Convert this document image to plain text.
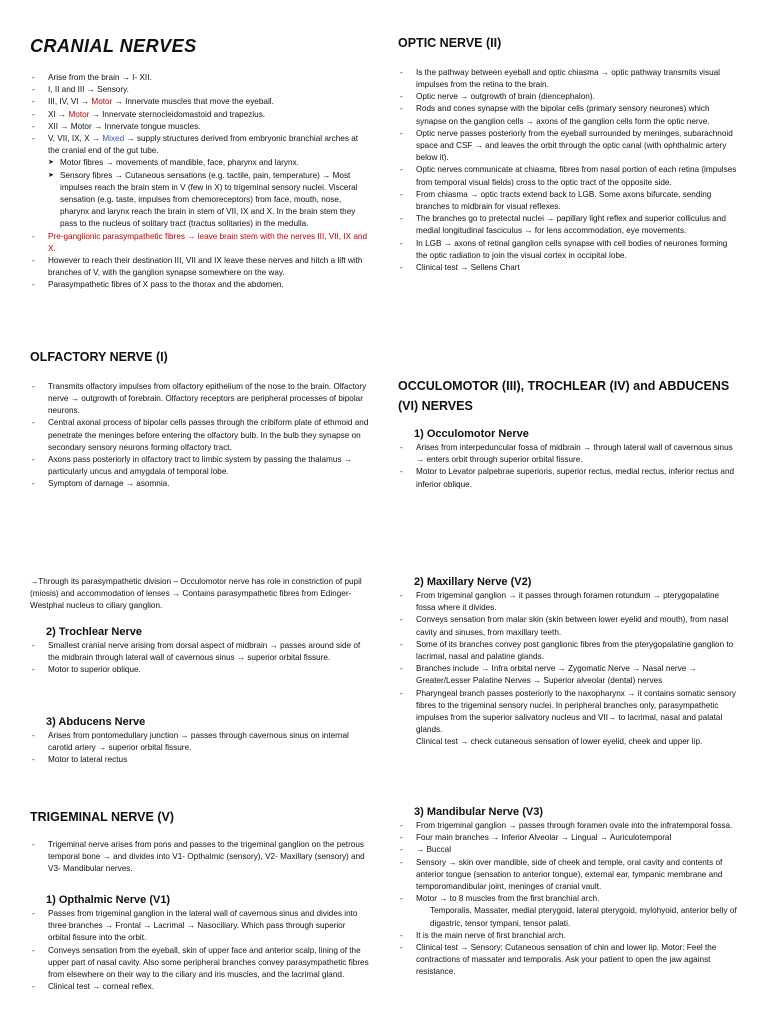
CRANIAL NERVES
- Arise from the brain → I- XII.
- I, II and III → Sensory.
- III, IV, VI → Motor → Innervate muscles that move the eyeball.
- XI → Motor → Innervate sternocleidomastoid and trapezius.
- XII → Motor → Innervate tongue muscles.
- V, VII, IX, X → Mixed → supply structures derived from embryonic branchial arches at the cranial end of the gut tube.
➤ Motor fibres → movements of mandible, face, pharynx and larynx.
➤ Sensory fibres → Cutaneous sensations (e.g. tactile, pain, temperature) → Most impulses reach the brain stem in V (few in X) to trigeminal sensory nuclei. Visceral sensation (e.g. taste, impulses from chemoreceptors) from face, mouth, nose, pharynx and larynx reach the brain in stem of VII, IX and X. In the brain stem they pass to the nucleus of solitary tract (tractus solitaries) in the medulla.
- Pre-ganglionic parasympathetic fibres → leave brain stem with the nerves III, VII, IX and X.
- However to reach their destination III, VII and IX leave these nerves and hitch a lift with branches of V, with the ganglion synapse somewhere on the way.
- Parasympathetic fibres of X pass to the thorax and the abdomen.
OLFACTORY NERVE (I)
- Transmits olfactory impulses from olfactory epithelium of the nose to the brain. Olfactory nerve → outgrowth of forebrain. Olfactory receptors are peripheral processes of bipolar neurons.
- Central axonal process of bipolar cells passes through the cribiform plate of ethmoid and penetrate the meninges before entering the olfactory bulb. In the bulb they synapse on secondary sensory neurons forming olfactory tract.
- Axons pass posteriorly in olfactory tract to limbic system by passing the thalamus → particularly uncus and amygdala of temporal lobe.
- Symptom of damage → asomnia.

→Through its parasympathetic division – Occulomotor nerve has role in constriction of pupil (miosis) and accommodation of lenses → Contains parasympathetic fibres from Edinger-Westphal nucleus to ciliary ganglion.

2) Trochlear Nerve
- Smallest cranial nerve arising from dorsal aspect of midbrain → passes around side of the midbrain through lateral wall of cavernous sinus → superior orbital fissure.
- Motor to superior oblique.
3) Abducens Nerve
- Arises from pontomedullary junction → passes through cavernous sinus on internal carotid artery → superior orbital fissure.
- Motor to lateral rectus
TRIGEMINAL NERVE (V)
- Trigeminal nerve arises from pons and passes to the trigeminal ganglion on the petrous temporal bone → and divides into V1- Opthalmic (sensory), V2- Maxillary (sensory) and V3- Mandibular nerves.
1) Opthalmic Nerve (V1)
- Passes from trigeminal ganglion in the lateral wall of cavernous sinus and divides into three branches → Frontal → Lacrimal → Nasociliary. Which pass through superior orbital fissure into the orbit.
- Conveys sensation from the eyeball, skin of upper face and anterior scalp, lining of the upper part of nasal cavity. Also some peripheral branches convey parasympathetic fibres from elsewhere on their way to the ciliary and iris muscles, and the lacrimal gland.
- Clinical test → corneal reflex.
OPTIC NERVE (II)
- Is the pathway between eyeball and optic chiasma → optic pathway transmits visual impulses from the retina to the brain.
- Optic nerve → outgrowth of brain (diencephalon).
- Rods and cones synapse with the bipolar cells (primary sensory neurones) which synapse on the ganglion cells → axons of the ganglion cells form the optic nerve.
- Optic nerve passes posteriorly from the eyeball surrounded by meninges, subarachnoid space and CSF → and leaves the orbit through the optic canal (with ophthalmic artery below it).
- Optic nerves communicate at chiasma, fibres from nasal portion of each retina (impulses from temporal visual fields) cross to the optic tract of the opposite side.
- From chiasma → optic tracts extend back to LGB. Some axons bifurcate, sending branches to midbrain for visual reflexes.
- The branches go to pretectal nuclei → papillary light reflex and superior colliculus and medial longitudinal fasciculus → for lens accommodation, eye movements.
- In LGB → axons of retinal ganglion cells synapse with cell bodies of neurones forming the optic radiation to join the visual cortex in occipital lobe.
- Clinical test → Sellens Chart
OCCULOMOTOR (III), TROCHLEAR (IV) and ABDUCENS (VI) NERVES
1) Occulomotor Nerve
- Arises from interpeduncular fossa of midbrain → through lateral wall of cavernous sinus → enters orbit through superior orbital fissure.
- Motor to Levator palpebrae superioris, superior rectus, medial rectus, inferior rectus and inferior oblique.
2) Maxillary Nerve (V2)
- From trigeminal ganglion → it passes through foramen rotundum → pterygopalatine fossa where it divides.
- Conveys sensation from malar skin (skin between lower eyelid and mouth), from nasal cavity and sinuses, from maxillary teeth.
- Some of its branches convey post ganglionic fibres from the pterygopalatine ganglion to lacrimal, nasal and palatine glands.
- Branches include → Infra orbital nerve → Zygomatic Nerve → Nasal nerve → Greater/Lesser Palatine Nerves → Superior alveolar (dental) nerves
- Pharyngeal branch passes posteriorly to the naxopharynx → it contains somatic sensory fibres to the trigeminal sensory nuclei. In peripheral branches only, parasympathetic impulses from the superior salivatory nucleus and VII→ to lacrimal, nasal and palatal glands.

Clinical test → check cutaneous sensation of lower eyelid, cheek and upper lip.

3) Mandibular Nerve (V3)
- From trigeminal ganglion → passes through foramen ovale into the infratemporal fossa.
- Four main branches → Inferior Alveolar → Lingual → Auriculotemporal
- → Buccal
- Sensory → skin over mandible, side of cheek and temple, oral cavity and contents of anterior tongue (sensation to anterior tongue), external ear, tympanic membrane and temporomandibular joint, meninges of cranial vault.
- Motor → to 8 muscles from the first branchial arch.

Temporalis, Massater, medial pterygoid, lateral pterygoid, mylohyoid, anterior belly of digastric, tensor tympani, tensor palati.

- It is the main nerve of first branchial arch.
- Clinical test → Sensory: Cutaneous sensation of chin and lower lip. Motor: Feel the contractions of massater and temporalis. Ask your patient to open the jaw against resistance.
